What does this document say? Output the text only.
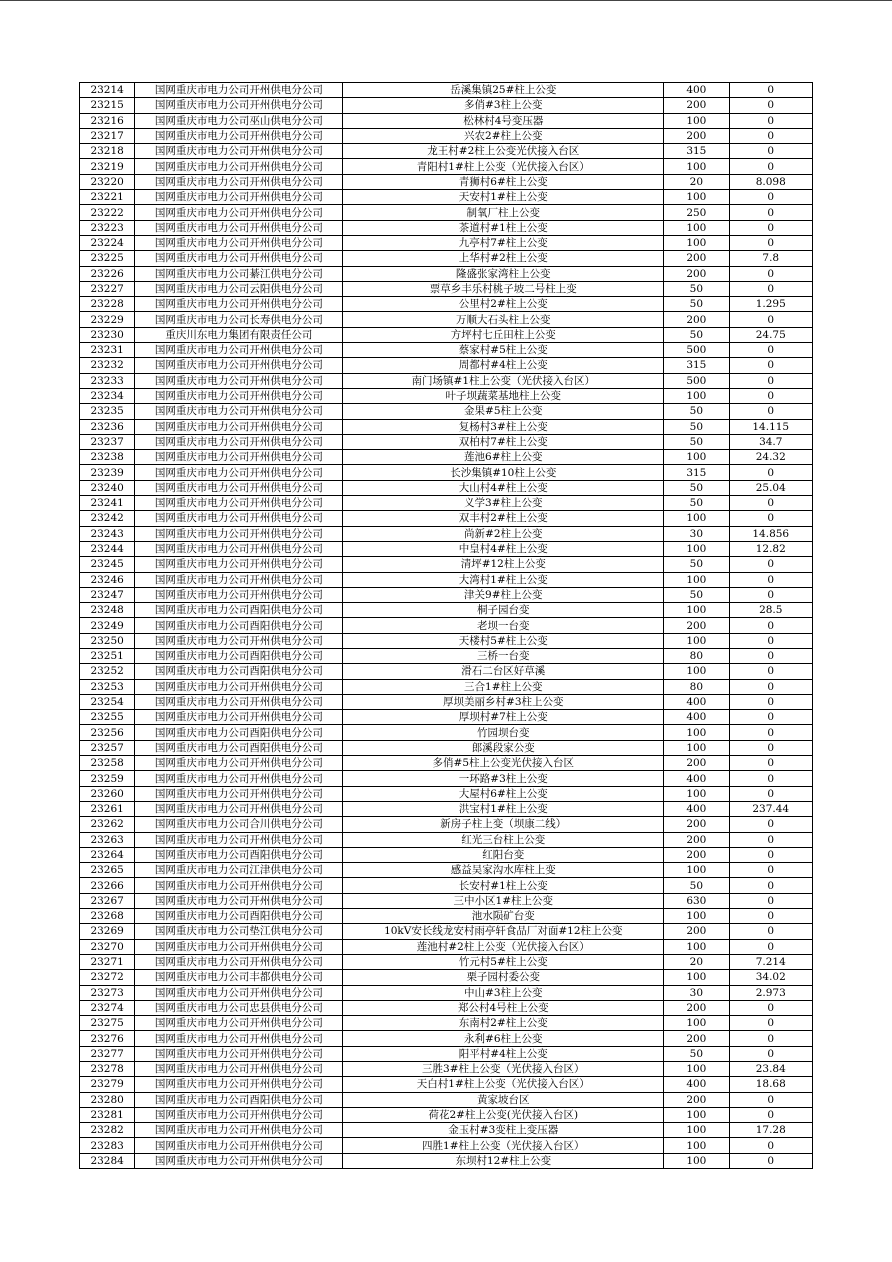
23214	国网重庆市电力公司开州供电分公司	岳溪集镇25#柱上公变	400	0
23215	国网重庆市电力公司开州供电分公司	多俏#3柱上公变	200	0
23216	国网重庆市电力公司巫山供电分公司	松林村4号变压器	100	0
23217	国网重庆市电力公司开州供电分公司	兴农2#柱上公变	200	0
23218	国网重庆市电力公司开州供电分公司	龙王村#2柱上公变光伏接入台区	315	0
23219	国网重庆市电力公司开州供电分公司	青阳村1#柱上公变（光伏接入台区）	100	0
23220	国网重庆市电力公司开州供电分公司	青狮村6#柱上公变	20	8.098
23221	国网重庆市电力公司开州供电分公司	天安村1#柱上公变	100	0
23222	国网重庆市电力公司开州供电分公司	制氧厂柱上公变	250	0
23223	国网重庆市电力公司开州供电分公司	茶道村#1柱上公变	100	0
23224	国网重庆市电力公司开州供电分公司	九亭村7#柱上公变	100	0
23225	国网重庆市电力公司开州供电分公司	上华村#2柱上公变	200	7.8
23226	国网重庆市电力公司綦江供电分公司	隆盛张家湾柱上公变	200	0
23227	国网重庆市电力公司云阳供电分公司	票草乡丰乐村桃子坡二号柱上变	50	0
23228	国网重庆市电力公司开州供电分公司	公里村2#柱上公变	50	1.295
23229	国网重庆市电力公司长寿供电分公司	万顺大石头柱上公变	200	0
23230	重庆川东电力集团有限责任公司	方坪村七丘田柱上公变	50	24.75
23231	国网重庆市电力公司开州供电分公司	蔡家村#5柱上公变	500	0
23232	国网重庆市电力公司开州供电分公司	周都村#4柱上公变	315	0
23233	国网重庆市电力公司开州供电分公司	南门场镇#1柱上公变（光伏接入台区）	500	0
23234	国网重庆市电力公司开州供电分公司	叶子坝蔬菜基地柱上公变	100	0
23235	国网重庆市电力公司开州供电分公司	金果#5柱上公变	50	0
23236	国网重庆市电力公司开州供电分公司	复杨村3#柱上公变	50	14.115
23237	国网重庆市电力公司开州供电分公司	双柏村7#柱上公变	50	34.7
23238	国网重庆市电力公司开州供电分公司	莲池6#柱上公变	100	24.32
23239	国网重庆市电力公司开州供电分公司	长沙集镇#10柱上公变	315	0
23240	国网重庆市电力公司开州供电分公司	大山村4#柱上公变	50	25.04
23241	国网重庆市电力公司开州供电分公司	义学3#柱上公变	50	0
23242	国网重庆市电力公司开州供电分公司	双丰村2#柱上公变	100	0
23243	国网重庆市电力公司开州供电分公司	尚新#2柱上公变	30	14.856
23244	国网重庆市电力公司开州供电分公司	中皇村4#柱上公变	100	12.82
23245	国网重庆市电力公司开州供电分公司	清坪#12柱上公变	50	0
23246	国网重庆市电力公司开州供电分公司	大湾村1#柱上公变	100	0
23247	国网重庆市电力公司开州供电分公司	津关9#柱上公变	50	0
23248	国网重庆市电力公司酉阳供电分公司	桐子园台变	100	28.5
23249	国网重庆市电力公司酉阳供电分公司	老坝一台变	200	0
23250	国网重庆市电力公司开州供电分公司	天楼村5#柱上公变	100	0
23251	国网重庆市电力公司酉阳供电分公司	三桥一台变	80	0
23252	国网重庆市电力公司酉阳供电分公司	滑石二台区好草溪	100	0
23253	国网重庆市电力公司开州供电分公司	三合1#柱上公变	80	0
23254	国网重庆市电力公司开州供电分公司	厚坝美丽乡村#3柱上公变	400	0
23255	国网重庆市电力公司开州供电分公司	厚坝村#7柱上公变	400	0
23256	国网重庆市电力公司酉阳供电分公司	竹园坝台变	100	0
23257	国网重庆市电力公司酉阳供电分公司	郎溪段家公变	100	0
23258	国网重庆市电力公司开州供电分公司	多俏#5柱上公变光伏接入台区	200	0
23259	国网重庆市电力公司开州供电分公司	一环路#3柱上公变	400	0
23260	国网重庆市电力公司开州供电分公司	大屋村6#柱上公变	100	0
23261	国网重庆市电力公司开州供电分公司	洪宝村1#柱上公变	400	237.44
23262	国网重庆市电力公司合川供电分公司	新房子柱上变（坝康二线）	200	0
23263	国网重庆市电力公司开州供电分公司	红光三台柱上公变	200	0
23264	国网重庆市电力公司酉阳供电分公司	红阳台变	200	0
23265	国网重庆市电力公司江津供电分公司	感益吴家沟水库柱上变	100	0
23266	国网重庆市电力公司开州供电分公司	长安村#1柱上公变	50	0
23267	国网重庆市电力公司开州供电分公司	三中小区1#柱上公变	630	0
23268	国网重庆市电力公司酉阳供电分公司	池水陨矿台变	100	0
23269	国网重庆市电力公司垫江供电分公司	10kV安长线龙安村雨亭轩食品厂对面#12柱上公变	200	0
23270	国网重庆市电力公司开州供电分公司	莲池村#2柱上公变（光伏接入台区）	100	0
23271	国网重庆市电力公司开州供电分公司	竹元村5#柱上公变	20	7.214
23272	国网重庆市电力公司丰都供电分公司	栗子园村委公变	100	34.02
23273	国网重庆市电力公司开州供电分公司	中山#3柱上公变	30	2.973
23274	国网重庆市电力公司忠县供电分公司	郑公村4号柱上公变	200	0
23275	国网重庆市电力公司开州供电分公司	东南村2#柱上公变	100	0
23276	国网重庆市电力公司开州供电分公司	永利#6柱上公变	200	0
23277	国网重庆市电力公司开州供电分公司	阳平村#4柱上公变	50	0
23278	国网重庆市电力公司开州供电分公司	三胜3#柱上公变（光伏接入台区）	100	23.84
23279	国网重庆市电力公司开州供电分公司	天白村1#柱上公变（光伏接入台区）	400	18.68
23280	国网重庆市电力公司酉阳供电分公司	黄家坡台区	200	0
23281	国网重庆市电力公司开州供电分公司	荷花2#柱上公变(光伏接入台区)	100	0
23282	国网重庆市电力公司开州供电分公司	金玉村#3变柱上变压器	100	17.28
23283	国网重庆市电力公司开州供电分公司	四胜1#柱上公变（光伏接入台区）	100	0
23284	国网重庆市电力公司开州供电分公司	东坝村12#柱上公变	100	0
